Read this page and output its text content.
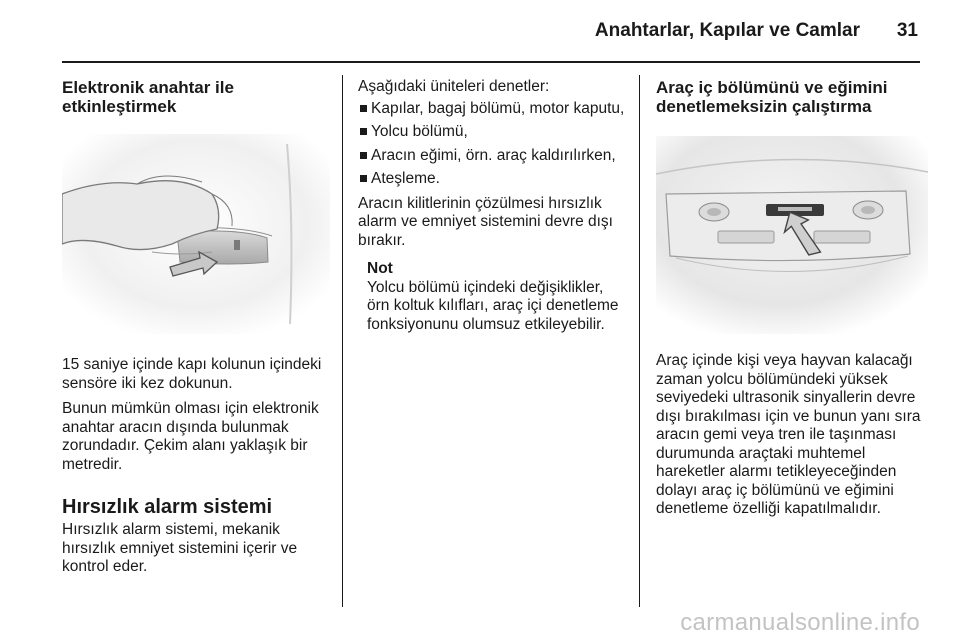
Anahtarlar, Kapılar ve Camlar 31
Elektronik anahtar ile
etkinleştirmek

15 saniye içinde kapı kolunun içindeki sensöre iki kez dokunun.

Bunun mümkün olması için elektronik anahtar aracın dışında bulunmak zorundadır. Çekim alanı yaklaşık bir metredir.

Hırsızlık alarm sistemi

Hırsızlık alarm sistemi, mekanik hırsızlık emniyet sistemini içerir ve kontrol eder.

Aşağıdaki üniteleri denetler:

Kapılar, bagaj bölümü, motor kaputu,
Yolcu bölümü,
Aracın eğimi, örn. araç kaldırılırken,
Ateşleme.

Aracın kilitlerinin çözülmesi hırsızlık alarm ve emniyet sistemini devre dışı bırakır.

Not
Yolcu bölümü içindeki değişiklikler, örn koltuk kılıfları, araç içi denetleme fonksiyonunu olumsuz etkileyebilir.
Araç iç bölümünü ve eğimini
denetlemeksizin çalıştırma

Araç içinde kişi veya hayvan kalacağı zaman yolcu bölümündeki yüksek seviyedeki ultrasonik sinyallerin devre dışı bırakılması için ve bunun yanı sıra aracın gemi veya tren ile taşınması durumunda araçtaki muhtemel hareketler alarmı tetikleyeceğinden dolayı araç iç bölümünü ve eğimini denetleme özelliği kapatılmalıdır.

carmanualsonline.info
